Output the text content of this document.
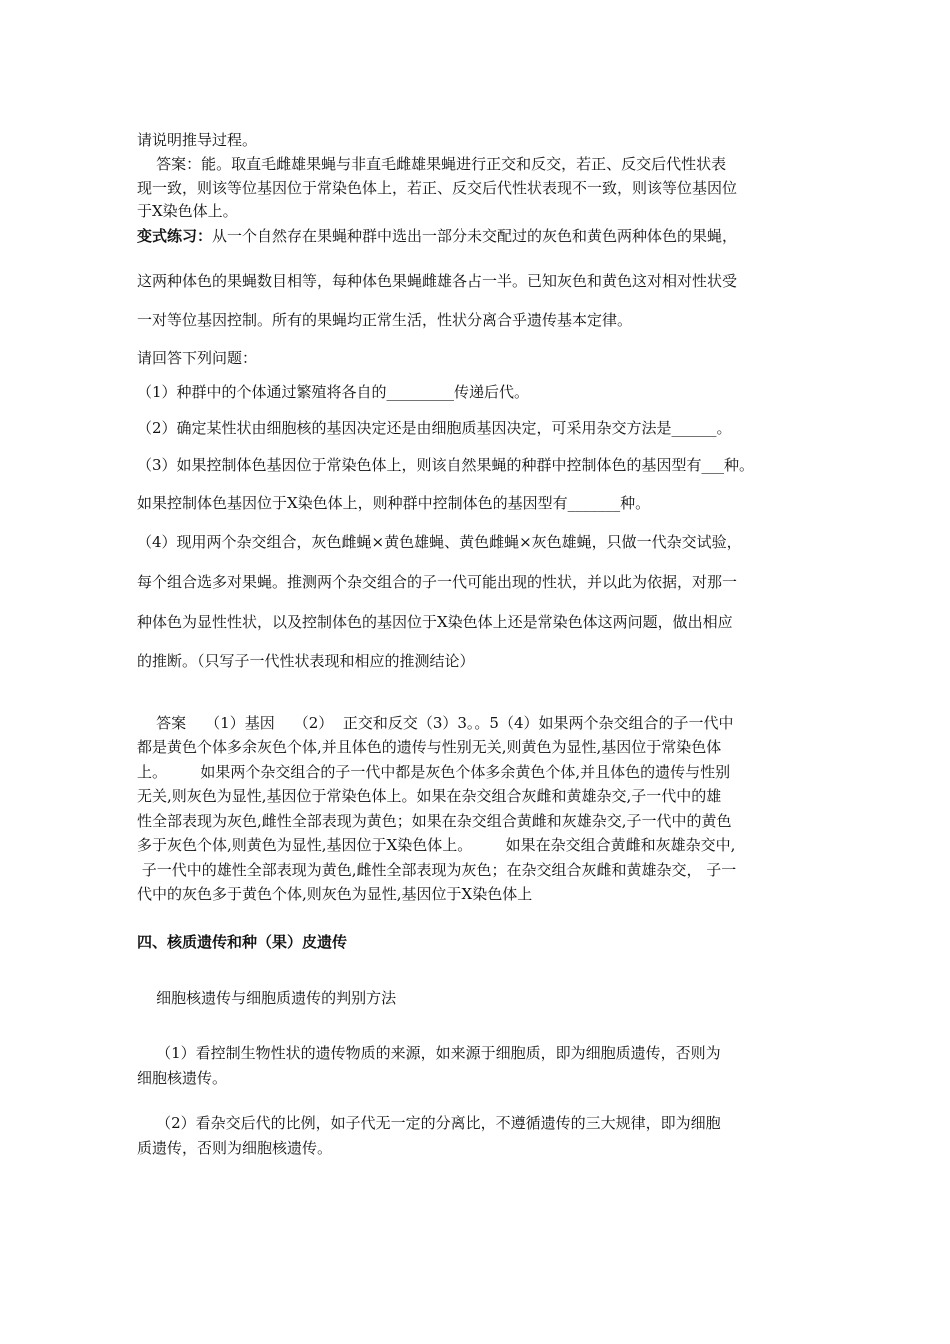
请说明推导过程。
答案：能。取直毛雌雄果蝇与非直毛雌雄果蝇进行正交和反交，若正、反交后代性状表
现一致，则该等位基因位于常染色体上，若正、反交后代性状表现不一致，则该等位基因位
于X染色体上。
变式练习：从一个自然存在果蝇种群中选出一部分未交配过的灰色和黄色两种体色的果蝇，
这两种体色的果蝇数目相等，每种体色果蝇雌雄各占一半。已知灰色和黄色这对相对性状受
一对等位基因控制。所有的果蝇均正常生活，性状分离合乎遗传基本定律。
请回答下列问题：
（1）种群中的个体通过繁殖将各自的_________传递后代。
（2）确定某性状由细胞核的基因决定还是由细胞质基因决定，可采用杂交方法是______。
（3）如果控制体色基因位于常染色体上，则该自然果蝇的种群中控制体色的基因型有___种。
如果控制体色基因位于X染色体上，则种群中控制体色的基因型有_______种。
（4）现用两个杂交组合，灰色雌蝇×黄色雄蝇、黄色雌蝇×灰色雄蝇，只做一代杂交试验，
每个组合选多对果蝇。推测两个杂交组合的子一代可能出现的性状，并以此为依据，对那一
种体色为显性性状，以及控制体色的基因位于X染色体上还是常染色体这两问题，做出相应
的推断。（只写子一代性状表现和相应的推测结论）
答案    （1）基因    （2）  正交和反交（3）3。。5（4）如果两个杂交组合的子一代中
都是黄色个体多余灰色个体,并且体色的遗传与性别无关,则黄色为显性,基因位于常染色体
上。       如果两个杂交组合的子一代中都是灰色个体多余黄色个体,并且体色的遗传与性别
无关,则灰色为显性,基因位于常染色体上。如果在杂交组合灰雌和黄雄杂交,子一代中的雄
性全部表现为灰色,雌性全部表现为黄色；如果在杂交组合黄雌和灰雄杂交,子一代中的黄色
多于灰色个体,则黄色为显性,基因位于X染色体上。       如果在杂交组合黄雌和灰雄杂交中,
子一代中的雄性全部表现为黄色,雌性全部表现为灰色；在杂交组合灰雌和黄雄杂交， 子一
代中的灰色多于黄色个体,则灰色为显性,基因位于X染色体上
四、核质遗传和种（果）皮遗传
细胞核遗传与细胞质遗传的判别方法
（1）看控制生物性状的遗传物质的来源，如来源于细胞质，即为细胞质遗传，否则为
细胞核遗传。
（2）看杂交后代的比例，如子代无一定的分离比，不遵循遗传的三大规律，即为细胞
质遗传，否则为细胞核遗传。
